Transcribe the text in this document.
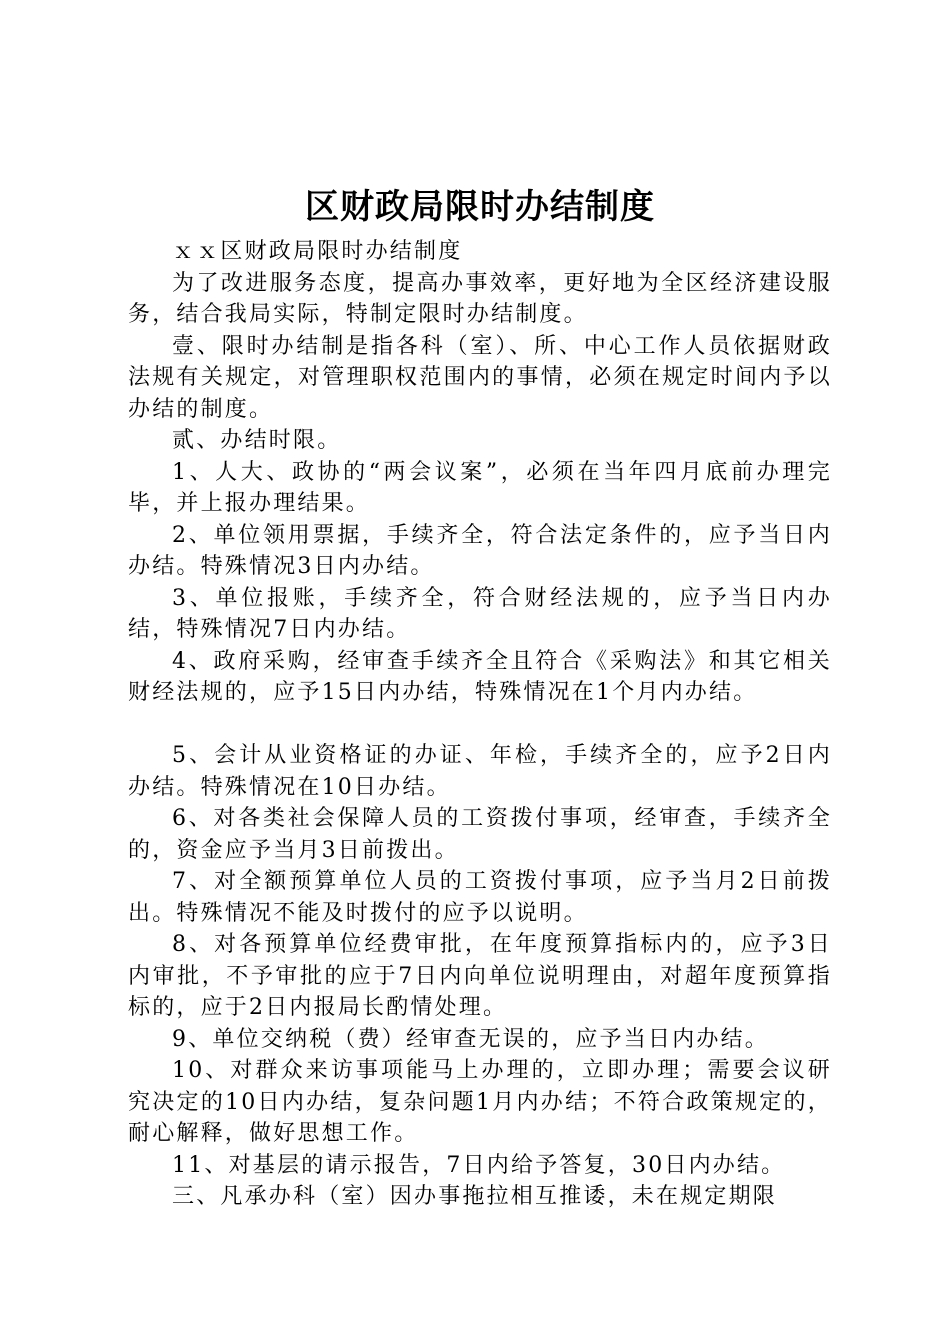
区财政局限时办结制度

ｘｘ区财政局限时办结制度

为了改进服务态度，提高办事效率，更好地为全区经济建设服务，结合我局实际，特制定限时办结制度。

壹、限时办结制是指各科（室）、所、中心工作人员依据财政法规有关规定，对管理职权范围内的事情，必须在规定时间内予以办结的制度。

贰、办结时限。

1、人大、政协的“两会议案”，必须在当年四月底前办理完毕，并上报办理结果。

2、单位领用票据，手续齐全，符合法定条件的，应予当日内办结。特殊情况3日内办结。

3、单位报账，手续齐全，符合财经法规的，应予当日内办结，特殊情况7日内办结。

4、政府采购，经审查手续齐全且符合《采购法》和其它相关财经法规的，应予15日内办结，特殊情况在1个月内办结。

5、会计从业资格证的办证、年检，手续齐全的，应予2日内办结。特殊情况在10日办结。

6、对各类社会保障人员的工资拨付事项，经审查，手续齐全的，资金应予当月3日前拨出。

7、对全额预算单位人员的工资拨付事项，应予当月2日前拨出。特殊情况不能及时拨付的应予以说明。

8、对各预算单位经费审批，在年度预算指标内的，应予3日内审批，不予审批的应于7日内向单位说明理由，对超年度预算指标的，应于2日内报局长酌情处理。

9、单位交纳税（费）经审查无误的，应予当日内办结。

10、对群众来访事项能马上办理的，立即办理；需要会议研究决定的10日内办结，复杂问题1月内办结；不符合政策规定的，耐心解释，做好思想工作。

11、对基层的请示报告，7日内给予答复，30日内办结。

三、凡承办科（室）因办事拖拉相互推诿，未在规定期限
